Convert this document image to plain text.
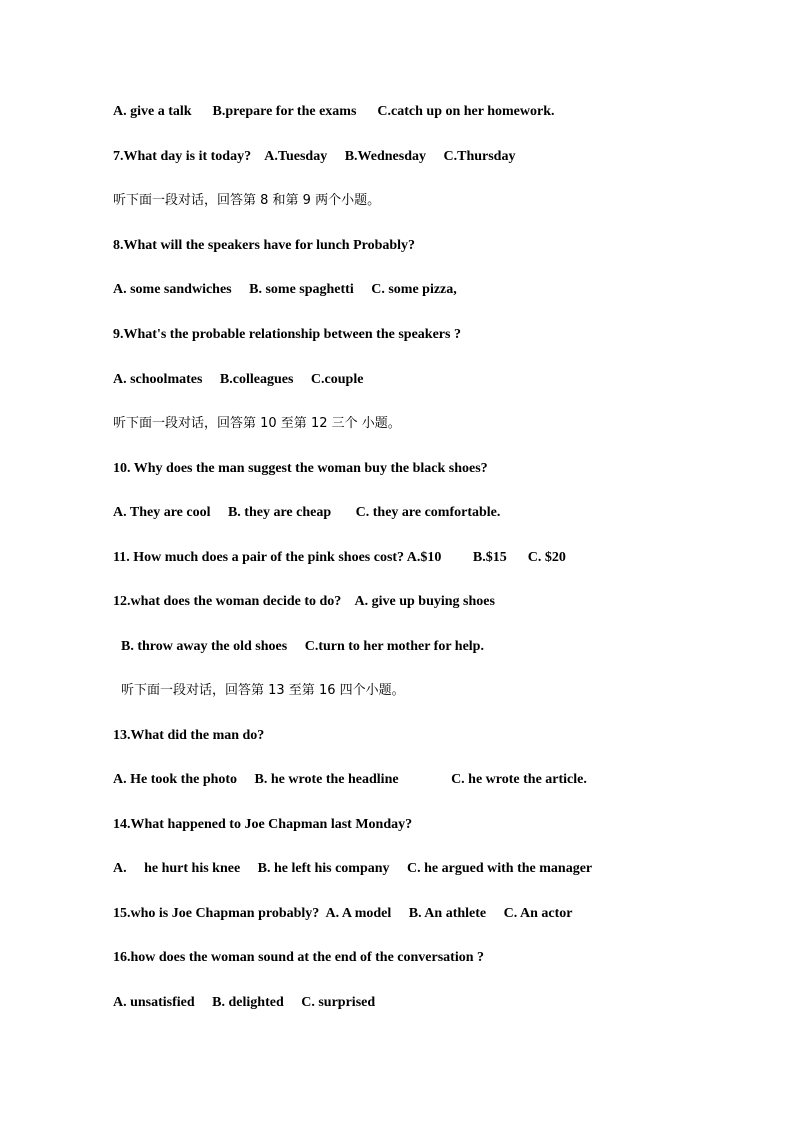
A. give a talk      B.prepare for the exams      C.catch up on her homework.
7.What day is it today?    A.Tuesday     B.Wednesday     C.Thursday
听下面一段对话，回答第 8 和第 9 两个小题。
8.What will the speakers have for lunch Probably?
A. some sandwiches     B. some spaghetti     C. some pizza,
9.What's the probable relationship between the speakers ?
A. schoolmates     B.colleagues     C.couple
听下面一段对话，回答第 10 至第 12 三个 小题。
10. Why does the man suggest the woman buy the black shoes?
A. They are cool     B. they are cheap       C. they are comfortable.
11. How much does a pair of the pink shoes cost? A.$10         B.$15      C. $20
12.what does the woman decide to do?    A. give up buying shoes
B. throw away the old shoes     C.turn to her mother for help.
听下面一段对话，回答第 13 至第 16 四个小题。
13.What did the man do?
A. He took the photo     B. he wrote the headline               C. he wrote the article.
14.What happened to Joe Chapman last Monday?
A.     he hurt his knee     B. he left his company     C. he argued with the manager
15.who is Joe Chapman probably?  A. A model     B. An athlete     C. An actor
16.how does the woman sound at the end of the conversation ?
A. unsatisfied     B. delighted     C. surprised
